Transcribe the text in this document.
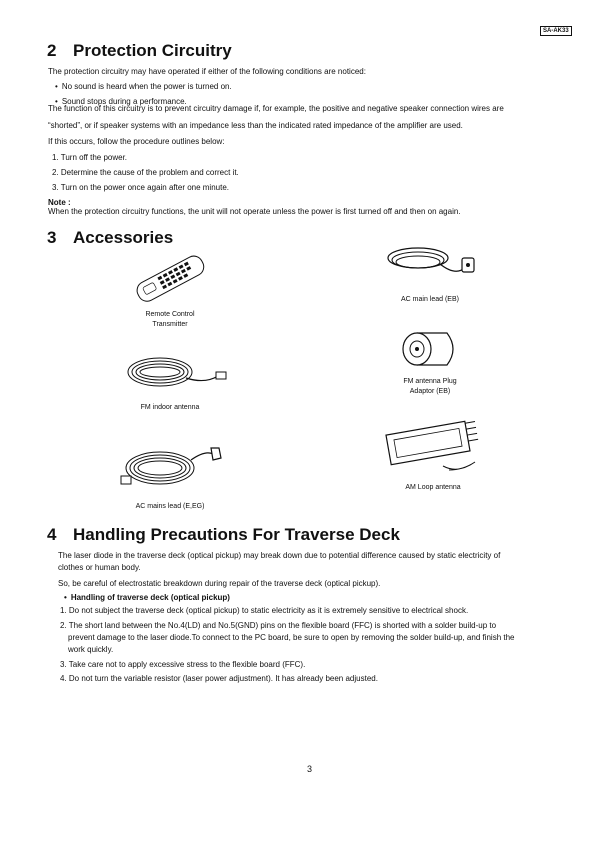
SA-AK33
2 Protection Circuitry
The protection circuitry may have operated if either of the following conditions are noticed:
• No sound is heard when the power is turned on.
• Sound stops during a performance.
The function of this circuitry is to prevent circuitry damage if, for example, the positive and negative speaker connection wires are
“shorted”, or if speaker systems with an impedance less than the indicated rated impedance of the amplifier are used.
If this occurs, follow the procedure outlines below:
1. Turn off the power.
2. Determine the cause of the problem and correct it.
3. Turn on the power once again after one minute.
Note :
When the protection circuitry functions, the unit will not operate unless the power is first turned off and then on again.
3 Accessories
Remote Control
Transmitter
AC main lead (EB)
FM antenna Plug
Adaptor (EB)
FM indoor antenna
AM Loop antenna
AC mains lead (E,EG)
4 Handling Precautions For Traverse Deck
The laser diode in the traverse deck (optical pickup) may break down due to potential difference caused by static electricity of
clothes or human body.
So, be careful of electrostatic breakdown during repair of the traverse deck (optical pickup).
• Handling of traverse deck (optical pickup)
1. Do not subject the traverse deck (optical pickup) to static electricity as it is extremely sensitive to electrical shock.
2. The short land between the No.4(LD) and No.5(GND) pins on the flexible board (FFC) is shorted with a solder build-up to
prevent damage to the laser diode.To connect to the PC board, be sure to open by removing the solder build-up, and finish the
work quickly.
3. Take care not to apply excessive stress to the flexible board (FFC).
4. Do not turn the variable resistor (laser power adjustment). It has already been adjusted.
3
